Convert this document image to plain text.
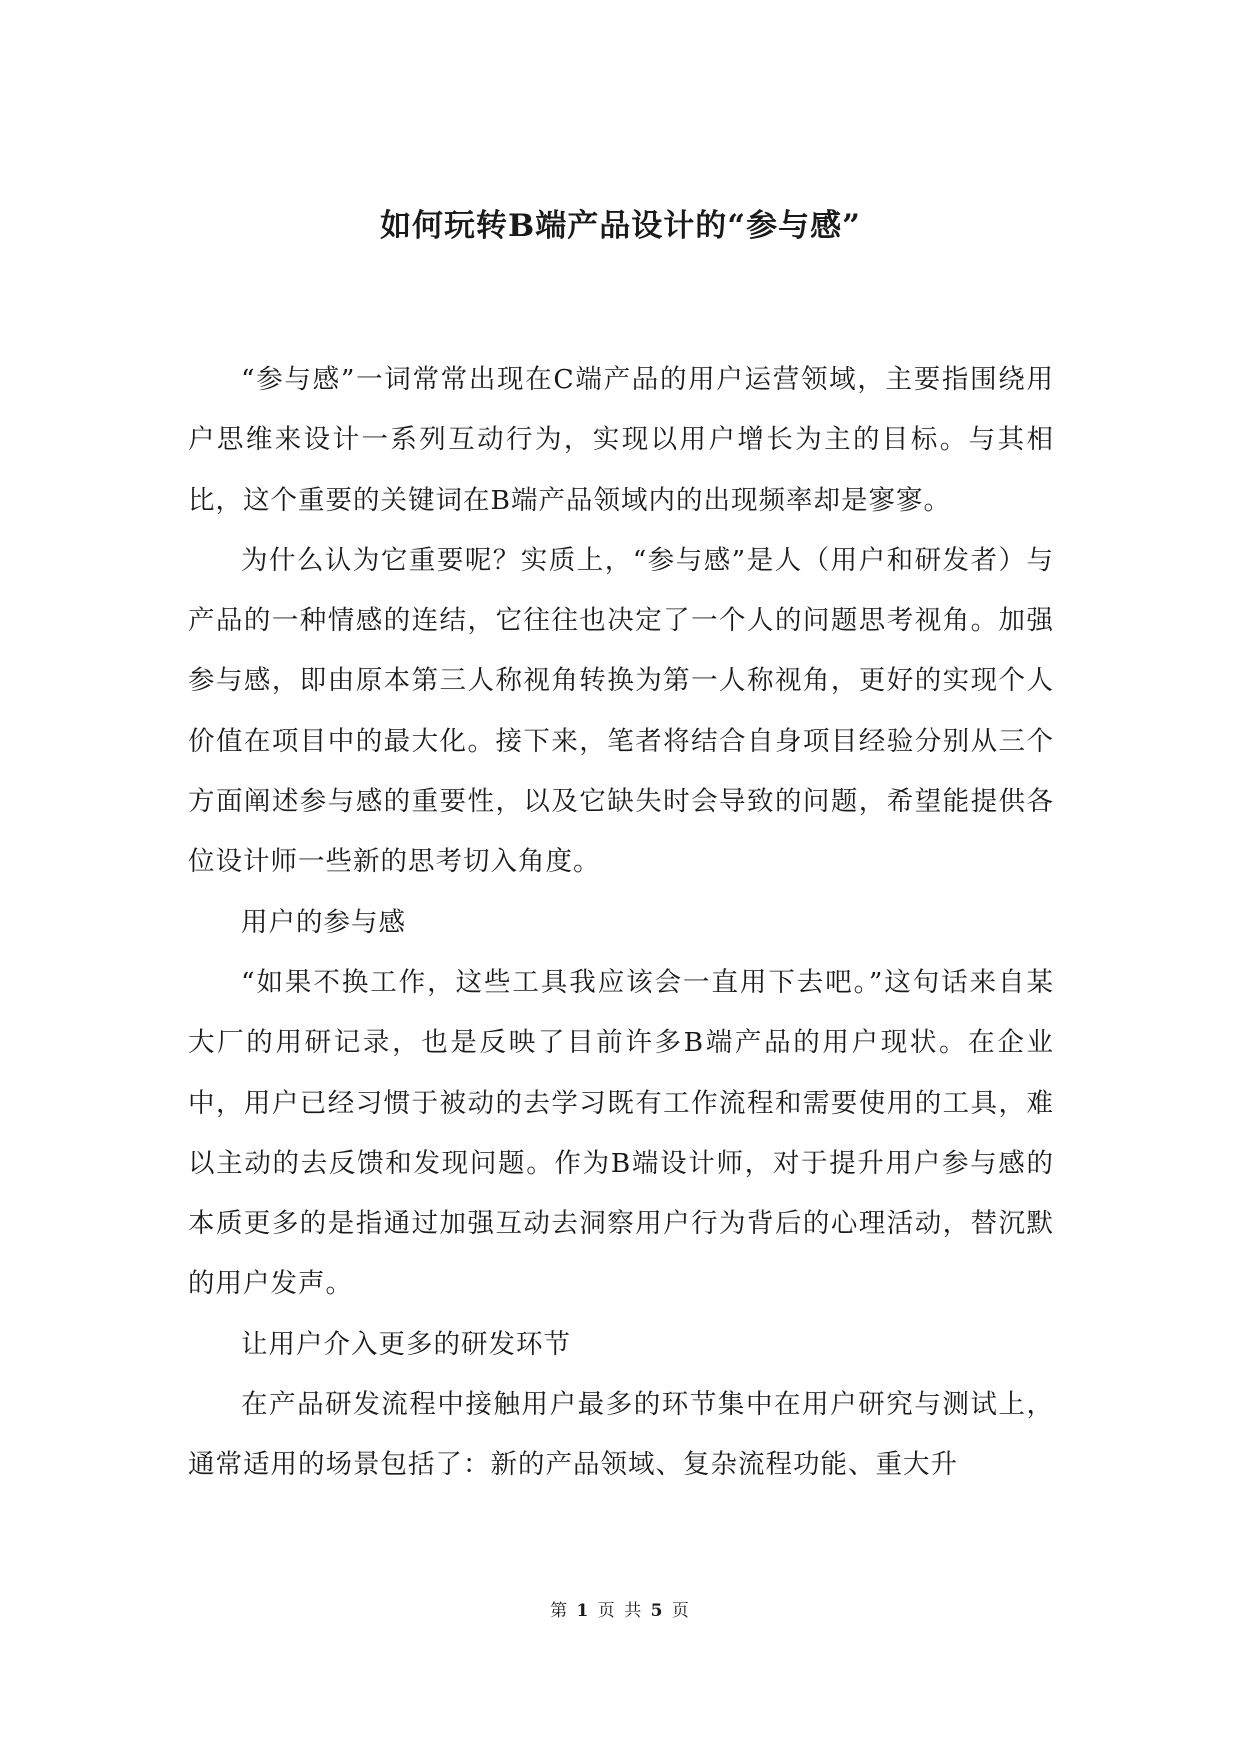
如何玩转B端产品设计的“参与感”

“参与感”一词常常出现在C端产品的用户运营领域，主要指围绕用户思维来设计一系列互动行为，实现以用户增长为主的目标。与其相比，这个重要的关键词在B端产品领域内的出现频率却是寥寥。

为什么认为它重要呢？实质上，“参与感”是人（用户和研发者）与产品的一种情感的连结，它往往也决定了一个人的问题思考视角。加强参与感，即由原本第三人称视角转换为第一人称视角，更好的实现个人价值在项目中的最大化。接下来，笔者将结合自身项目经验分别从三个方面阐述参与感的重要性，以及它缺失时会导致的问题，希望能提供各位设计师一些新的思考切入角度。

用户的参与感

“如果不换工作，这些工具我应该会一直用下去吧。”这句话来自某大厂的用研记录，也是反映了目前许多B端产品的用户现状。在企业中，用户已经习惯于被动的去学习既有工作流程和需要使用的工具，难以主动的去反馈和发现问题。作为B端设计师，对于提升用户参与感的本质更多的是指通过加强互动去洞察用户行为背后的心理活动，替沉默的用户发声。

让用户介入更多的研发环节

在产品研发流程中接触用户最多的环节集中在用户研究与测试上，通常适用的场景包括了：新的产品领域、复杂流程功能、重大升

第 1 页 共 5 页
